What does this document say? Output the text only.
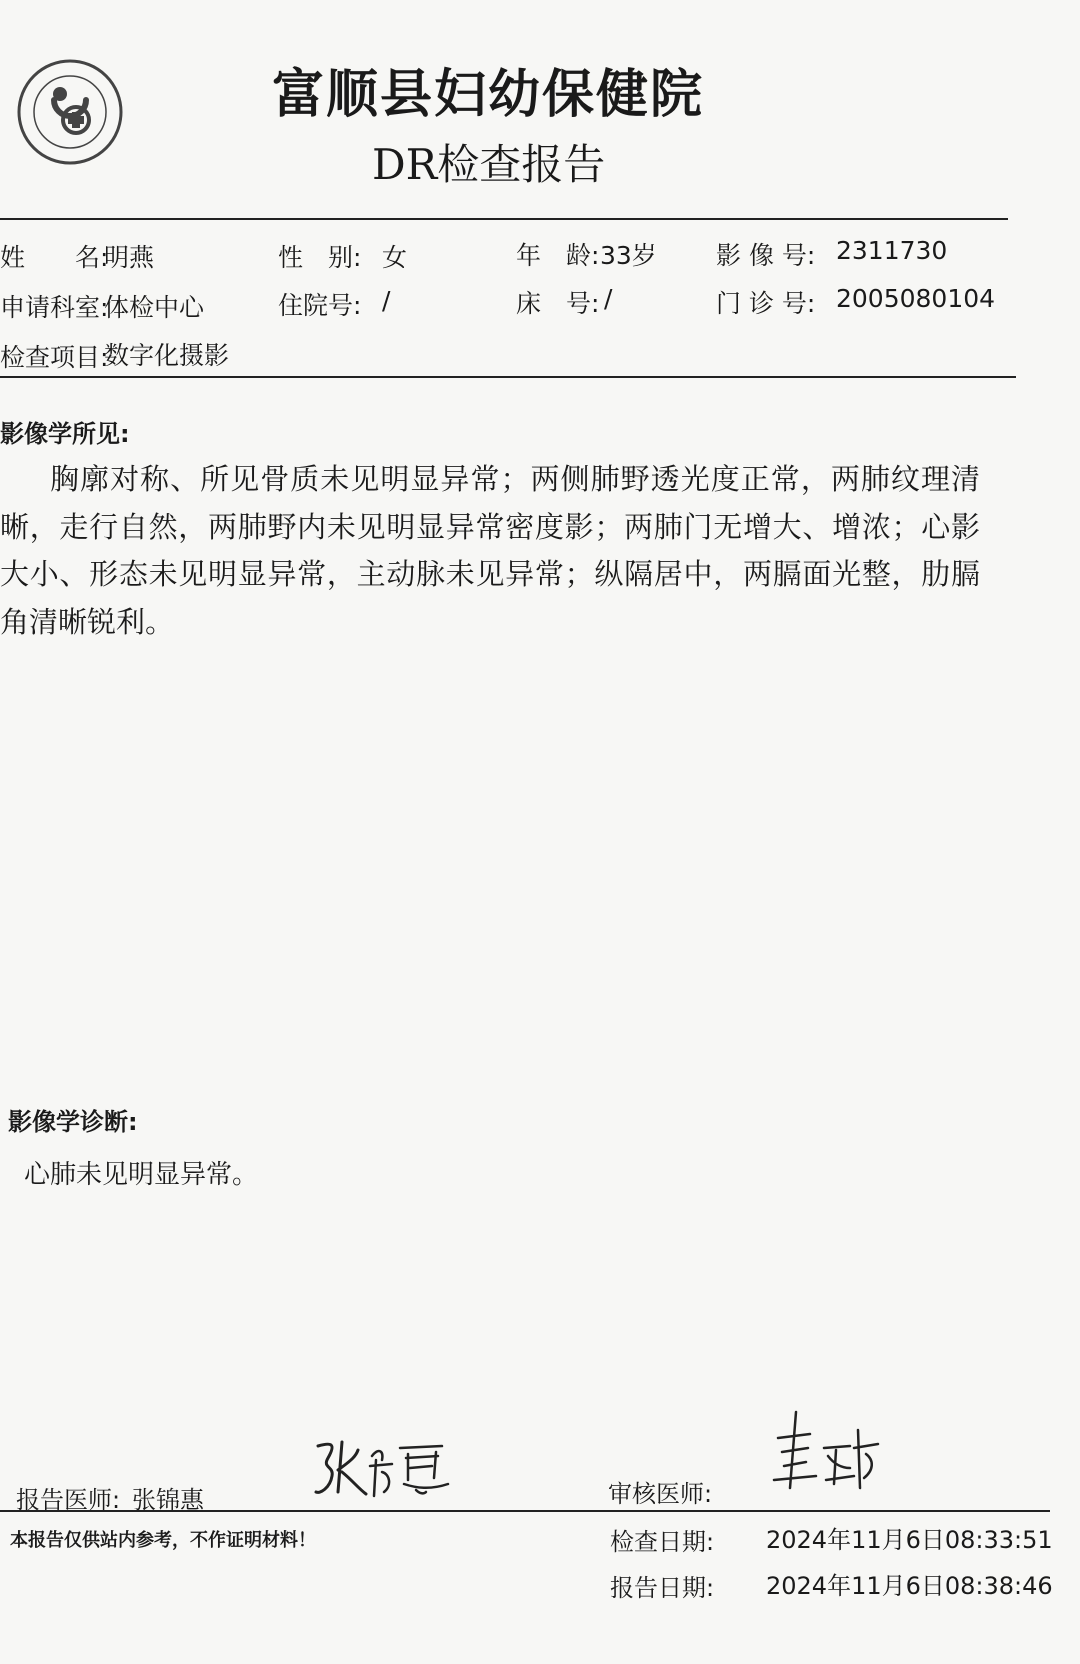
富顺县妇幼保健院
DR检查报告
姓　　名:
明燕	性　别: 女	年　龄: 33岁 影 像 号: 2311730
申请科室:
体检中心	住院号: /	床　号: /	门 诊 号: 2005080104
检查项目:
数字化摄影
影像学所见:
胸廓对称、所见骨质未见明显异常；两侧肺野透光度正常，两肺纹理清晰，走行自然，两肺野内未见明显异常密度影；两肺门无增大、增浓；心影大小、形态未见明显异常，主动脉未见异常；纵隔居中，两膈面光整，肋膈角清晰锐利。
影像学诊断:
心肺未见明显异常。
报告医师: 张锦惠	审核医师:
本报告仅供站内参考，不作证明材料！	检查日期: 2024年11月6日08:33:51
报告日期: 2024年11月6日08:38:46
